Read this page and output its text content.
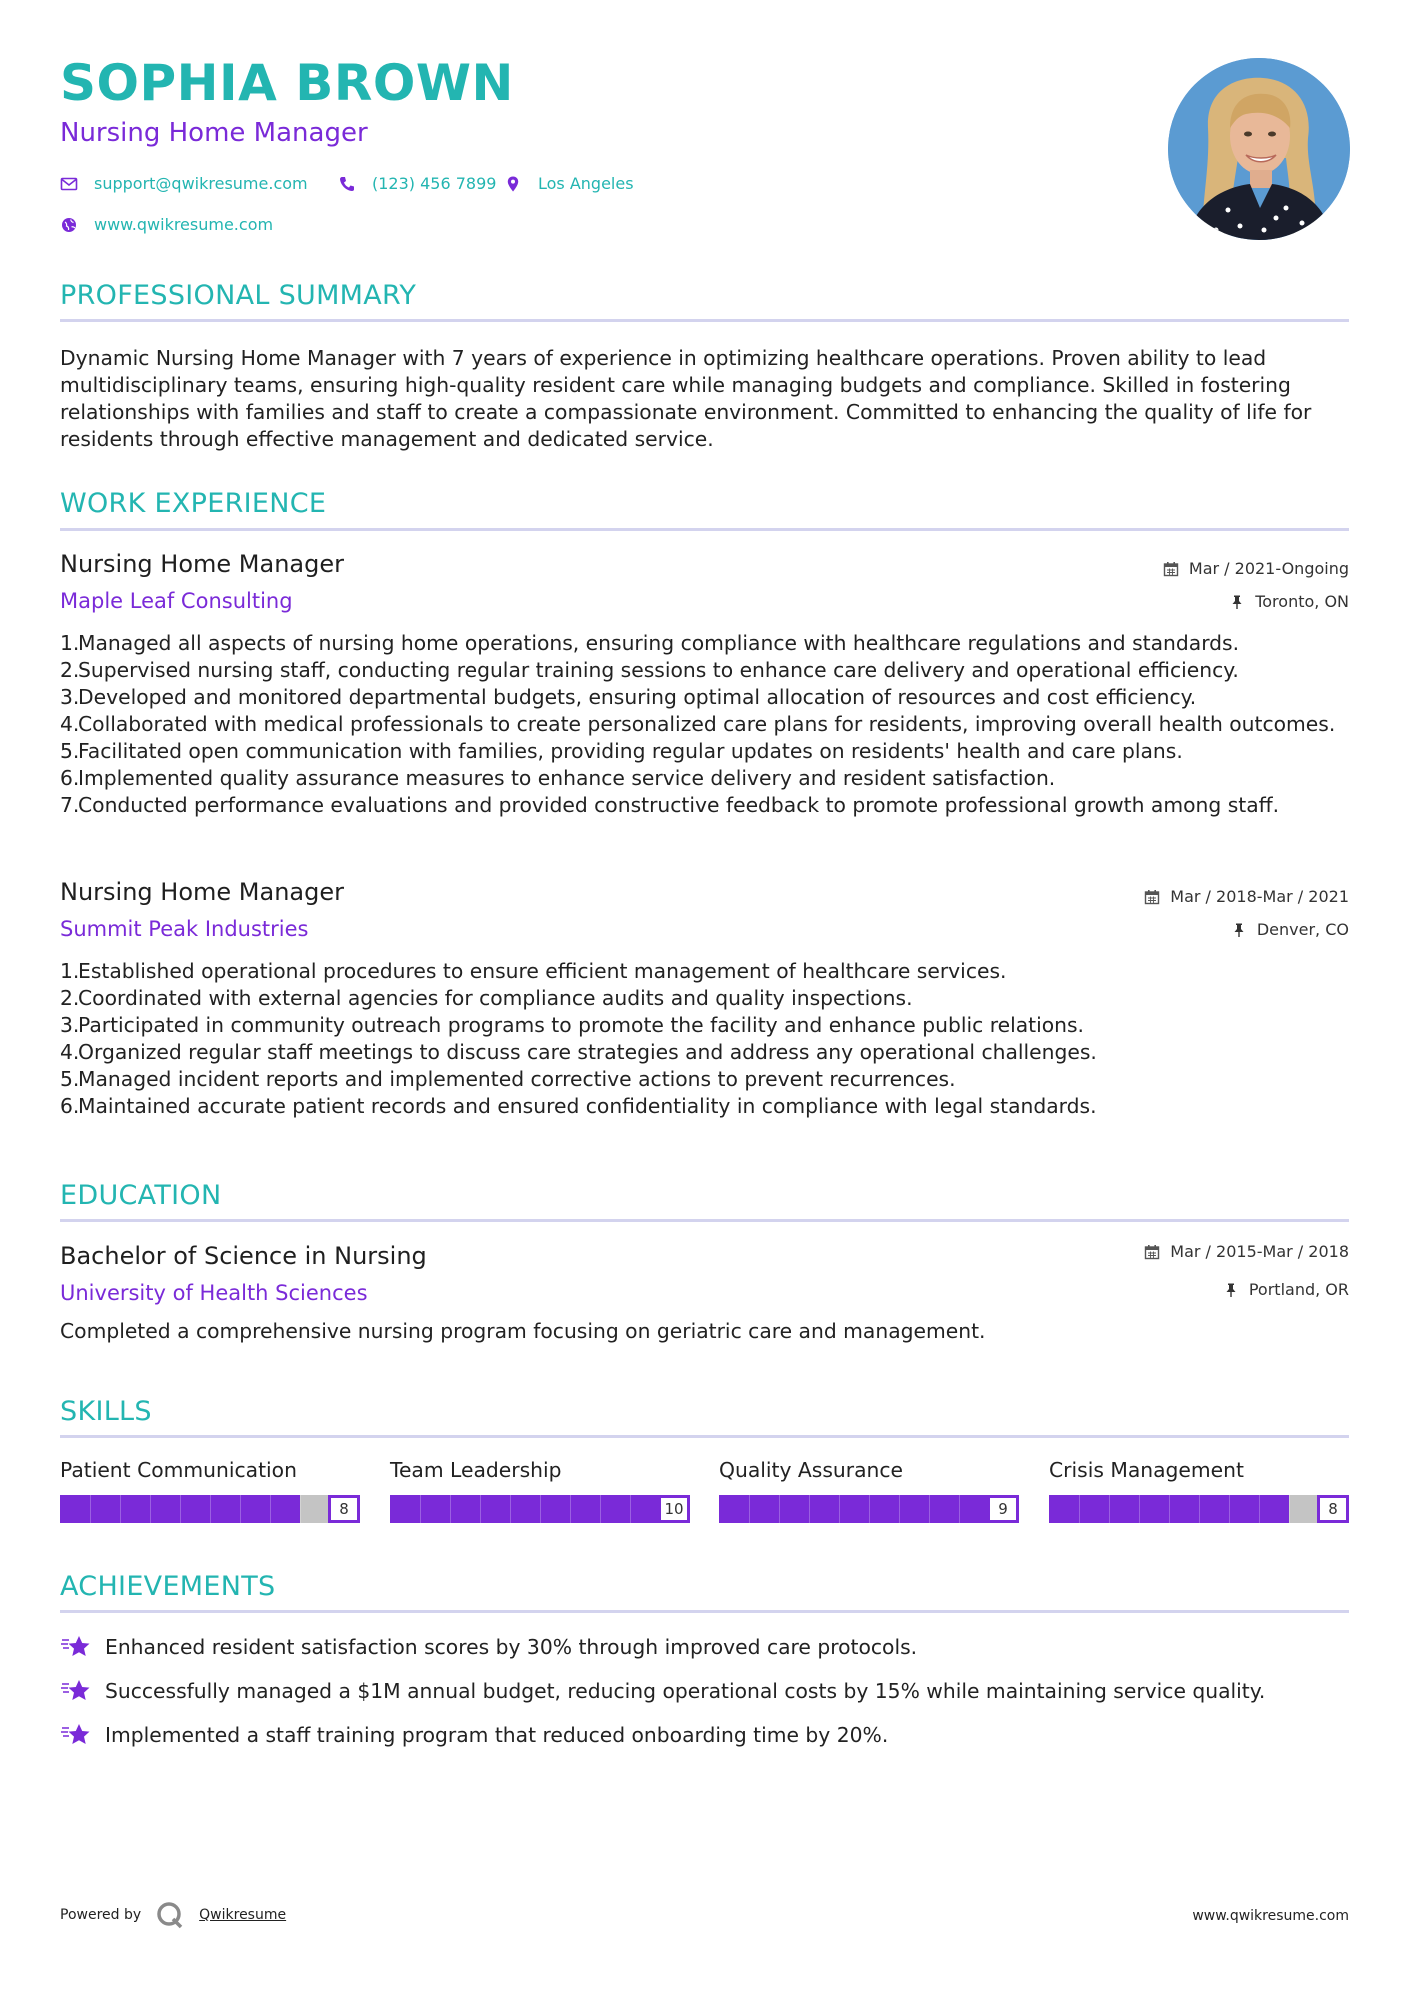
SOPHIA BROWN
Nursing Home Manager
support@qwikresume.com	(123) 456 7899	Los Angeles
www.qwikresume.com
PROFESSIONAL SUMMARY
Dynamic Nursing Home Manager with 7 years of experience in optimizing healthcare operations. Proven ability to lead multidisciplinary teams, ensuring high-quality resident care while managing budgets and compliance. Skilled in fostering relationships with families and staff to create a compassionate environment. Committed to enhancing the quality of life for residents through effective management and dedicated service.
WORK EXPERIENCE
Nursing Home Manager
Maple Leaf Consulting
Mar / 2021-Ongoing
Toronto, ON
1.
Managed all aspects of nursing home operations, ensuring compliance with healthcare regulations and standards.
2.
Supervised nursing staff, conducting regular training sessions to enhance care delivery and operational efficiency.
3.
Developed and monitored departmental budgets, ensuring optimal allocation of resources and cost efficiency.
4.
Collaborated with medical professionals to create personalized care plans for residents, improving overall health outcomes.
5.
Facilitated open communication with families, providing regular updates on residents' health and care plans.
6.
Implemented quality assurance measures to enhance service delivery and resident satisfaction.
7.
Conducted performance evaluations and provided constructive feedback to promote professional growth among staff.
Nursing Home Manager
Summit Peak Industries
Mar / 2018-Mar / 2021
Denver, CO
1.
Established operational procedures to ensure efficient management of healthcare services.
2.
Coordinated with external agencies for compliance audits and quality inspections.
3.
Participated in community outreach programs to promote the facility and enhance public relations.
4.
Organized regular staff meetings to discuss care strategies and address any operational challenges.
5.
Managed incident reports and implemented corrective actions to prevent recurrences.
6.
Maintained accurate patient records and ensured confidentiality in compliance with legal standards.
EDUCATION
Bachelor of Science in Nursing
University of Health Sciences
Mar / 2015-Mar / 2018
Portland, OR
Completed a comprehensive nursing program focusing on geriatric care and management.
SKILLS
Patient Communication	Team Leadership	Quality Assurance	Crisis Management
8	10	9	8
ACHIEVEMENTS
Enhanced resident satisfaction scores by 30% through improved care protocols.
Successfully managed a $1M annual budget, reducing operational costs by 15% while maintaining service quality.
Implemented a staff training program that reduced onboarding time by 20%.
Powered by	Qwikresume	www.qwikresume.com
